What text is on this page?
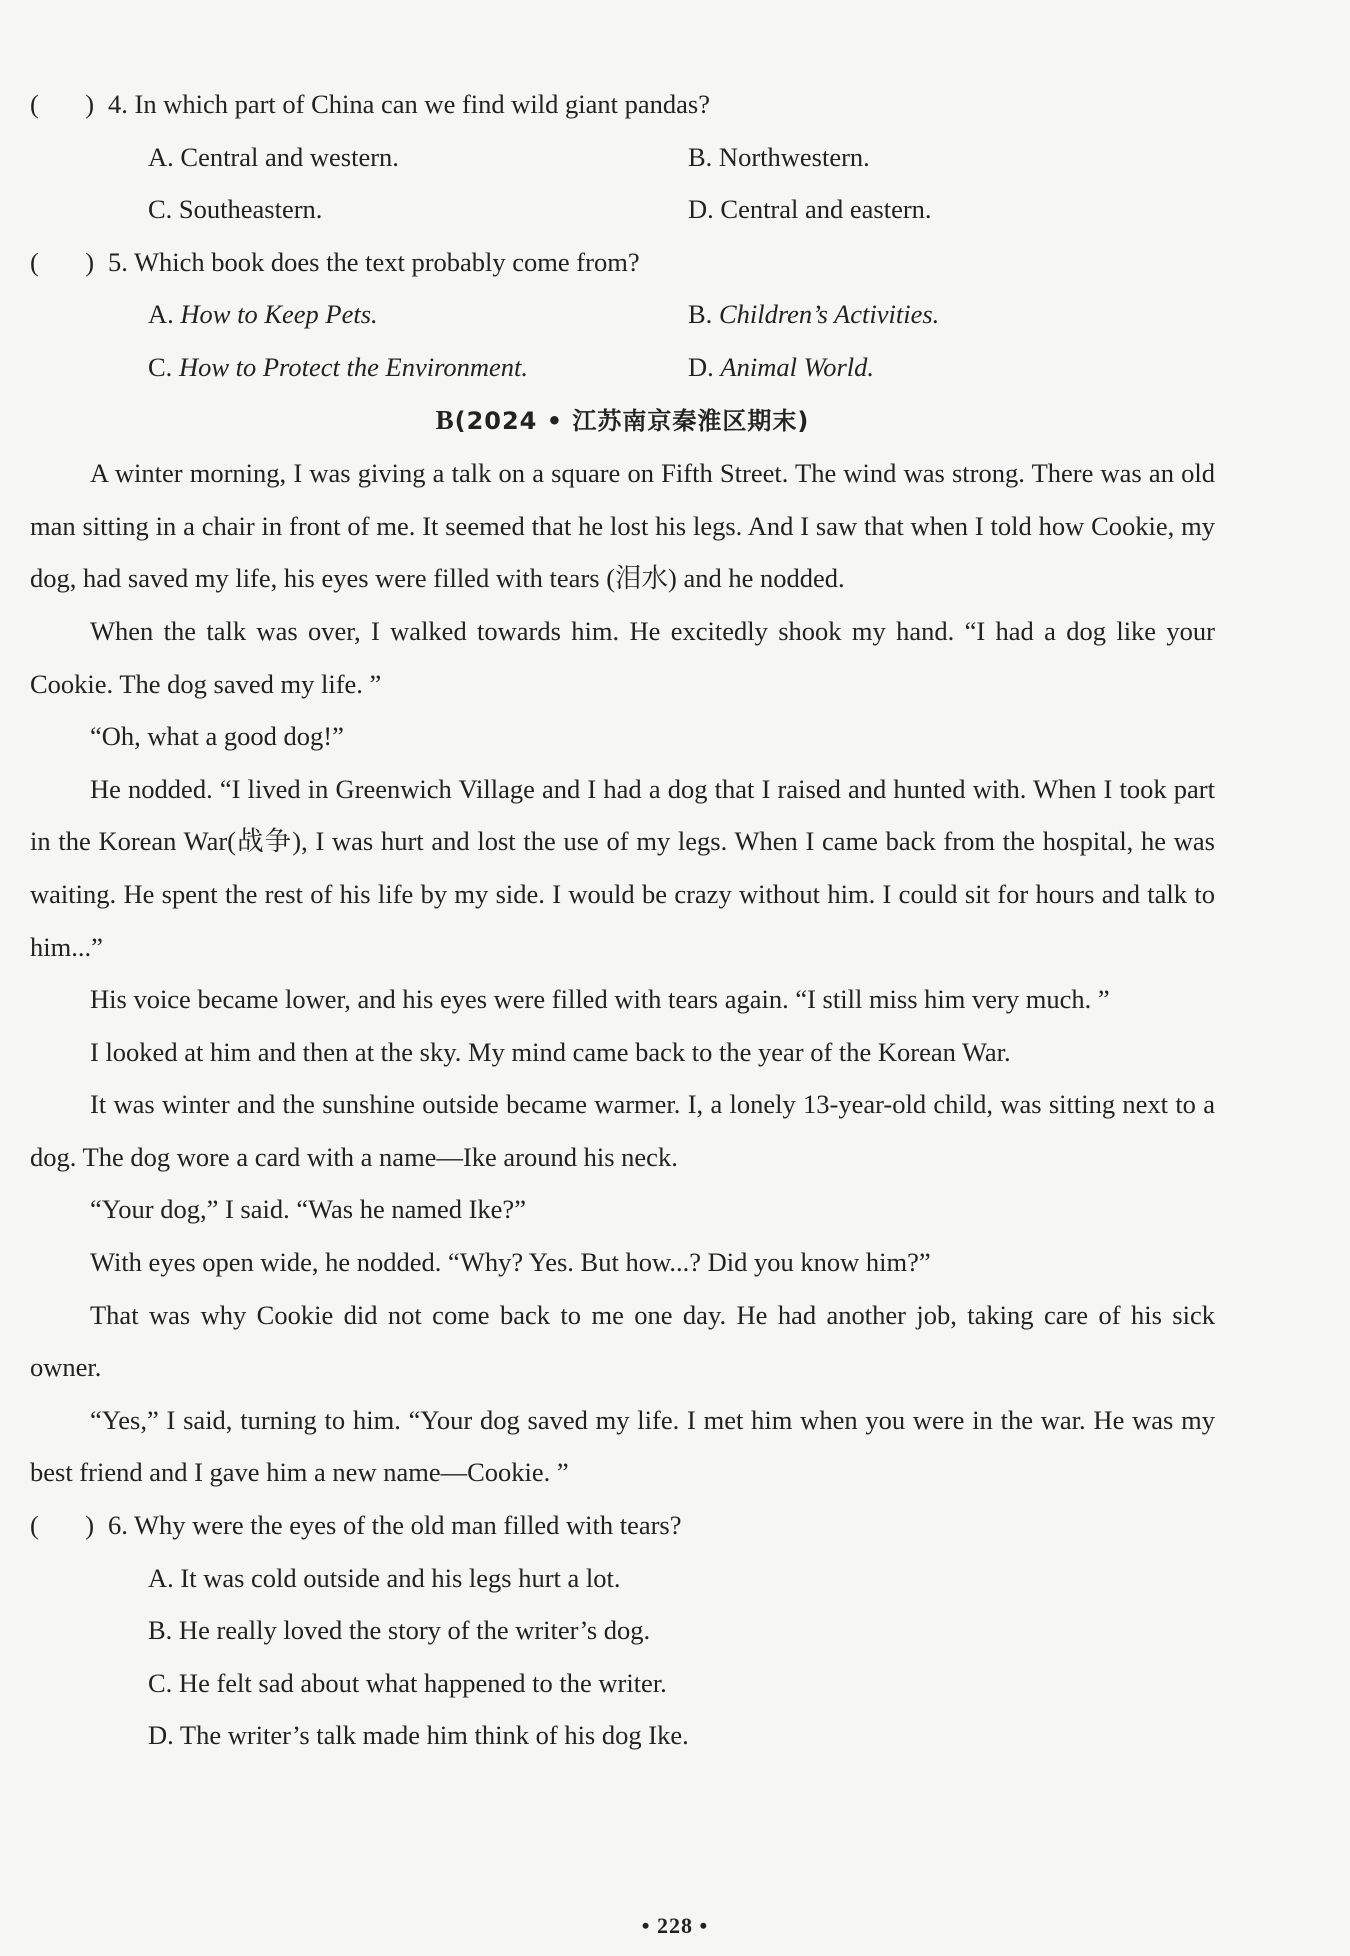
(       ) 4. In which part of China can we find wild giant pandas?
A. Central and western.	B. Northwestern.
C. Southeastern.	D. Central and eastern.
(       ) 5. Which book does the text probably come from?
A. How to Keep Pets.	B. Children’s Activities.
C. How to Protect the Environment.	D. Animal World.
B(2024 • 江苏南京秦淮区期末)
A winter morning, I was giving a talk on a square on Fifth Street. The wind was strong. There was an old man sitting in a chair in front of me. It seemed that he lost his legs. And I saw that when I told how Cookie, my dog, had saved my life, his eyes were filled with tears (泪水) and he nodded.
When the talk was over, I walked towards him. He excitedly shook my hand. “I had a dog like your Cookie. The dog saved my life. ”
“Oh, what a good dog!”
He nodded. “I lived in Greenwich Village and I had a dog that I raised and hunted with. When I took part in the Korean War(战争), I was hurt and lost the use of my legs. When I came back from the hospital, he was waiting. He spent the rest of his life by my side. I would be crazy without him. I could sit for hours and talk to him...”
His voice became lower, and his eyes were filled with tears again. “I still miss him very much. ”
I looked at him and then at the sky. My mind came back to the year of the Korean War.
It was winter and the sunshine outside became warmer. I, a lonely 13-year-old child, was sitting next to a dog. The dog wore a card with a name—Ike around his neck.
“Your dog,” I said. “Was he named Ike?”
With eyes open wide, he nodded. “Why? Yes. But how...? Did you know him?”
That was why Cookie did not come back to me one day. He had another job, taking care of his sick owner.
“Yes,” I said, turning to him. “Your dog saved my life. I met him when you were in the war. He was my best friend and I gave him a new name—Cookie. ”
(       ) 6. Why were the eyes of the old man filled with tears?
A. It was cold outside and his legs hurt a lot.
B. He really loved the story of the writer’s dog.
C. He felt sad about what happened to the writer.
D. The writer’s talk made him think of his dog Ike.
• 228 •
